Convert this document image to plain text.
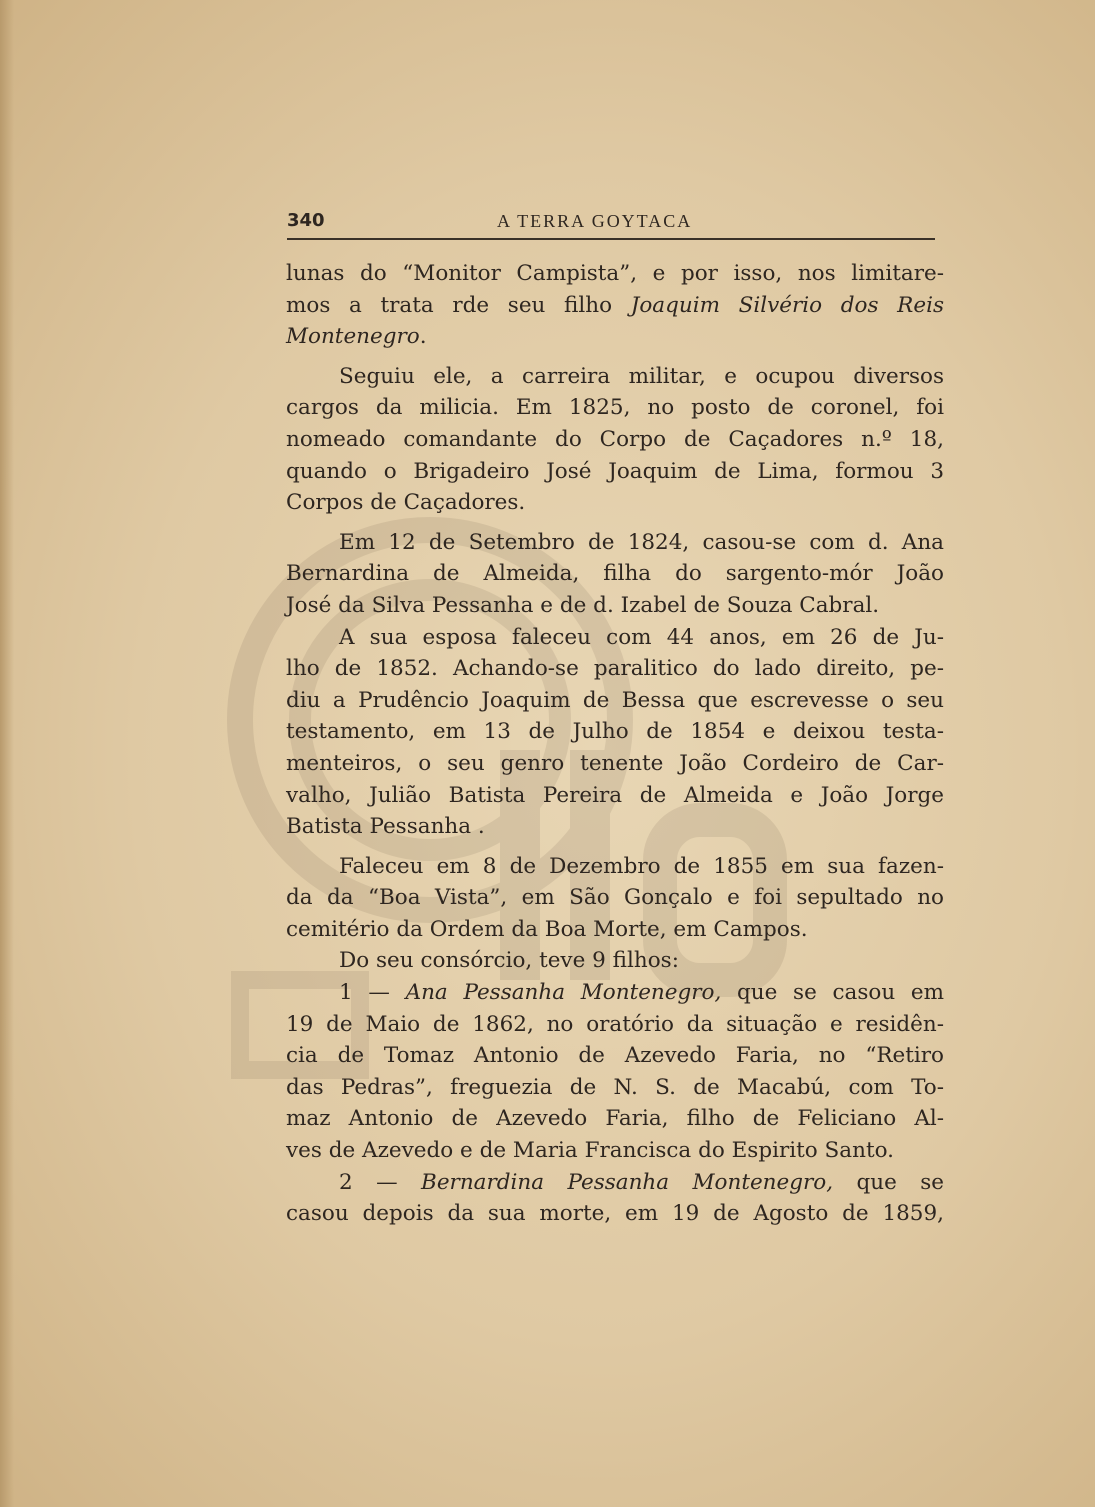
340	A TERRA GOYTACA
lunas do “Monitor Campista”, e por isso, nos limitare-
mos a trata rde seu filho Joaquim Silvério dos Reis
Montenegro.
Seguiu ele, a carreira militar, e ocupou diversos
cargos da milicia. Em 1825, no posto de coronel, foi
nomeado comandante do Corpo de Caçadores n.º 18,
quando o Brigadeiro José Joaquim de Lima, formou 3
Corpos de Caçadores.
Em 12 de Setembro de 1824, casou-se com d. Ana
Bernardina de Almeida, filha do sargento-mór João
José da Silva Pessanha e de d. Izabel de Souza Cabral.
A sua esposa faleceu com 44 anos, em 26 de Ju-
lho de 1852. Achando-se paralitico do lado direito, pe-
diu a Prudêncio Joaquim de Bessa que escrevesse o seu
testamento, em 13 de Julho de 1854 e deixou testa-
menteiros, o seu genro tenente João Cordeiro de Car-
valho, Julião Batista Pereira de Almeida e João Jorge
Batista Pessanha .
Faleceu em 8 de Dezembro de 1855 em sua fazen-
da da “Boa Vista”, em São Gonçalo e foi sepultado no
cemitério da Ordem da Boa Morte, em Campos.
Do seu consórcio, teve 9 filhos:
1 — Ana Pessanha Montenegro, que se casou em
19 de Maio de 1862, no oratório da situação e residên-
cia de Tomaz Antonio de Azevedo Faria, no “Retiro
das Pedras”, freguezia de N. S. de Macabú, com To-
maz Antonio de Azevedo Faria, filho de Feliciano Al-
ves de Azevedo e de Maria Francisca do Espirito Santo.
2 — Bernardina Pessanha Montenegro, que se
casou depois da sua morte, em 19 de Agosto de 1859,
